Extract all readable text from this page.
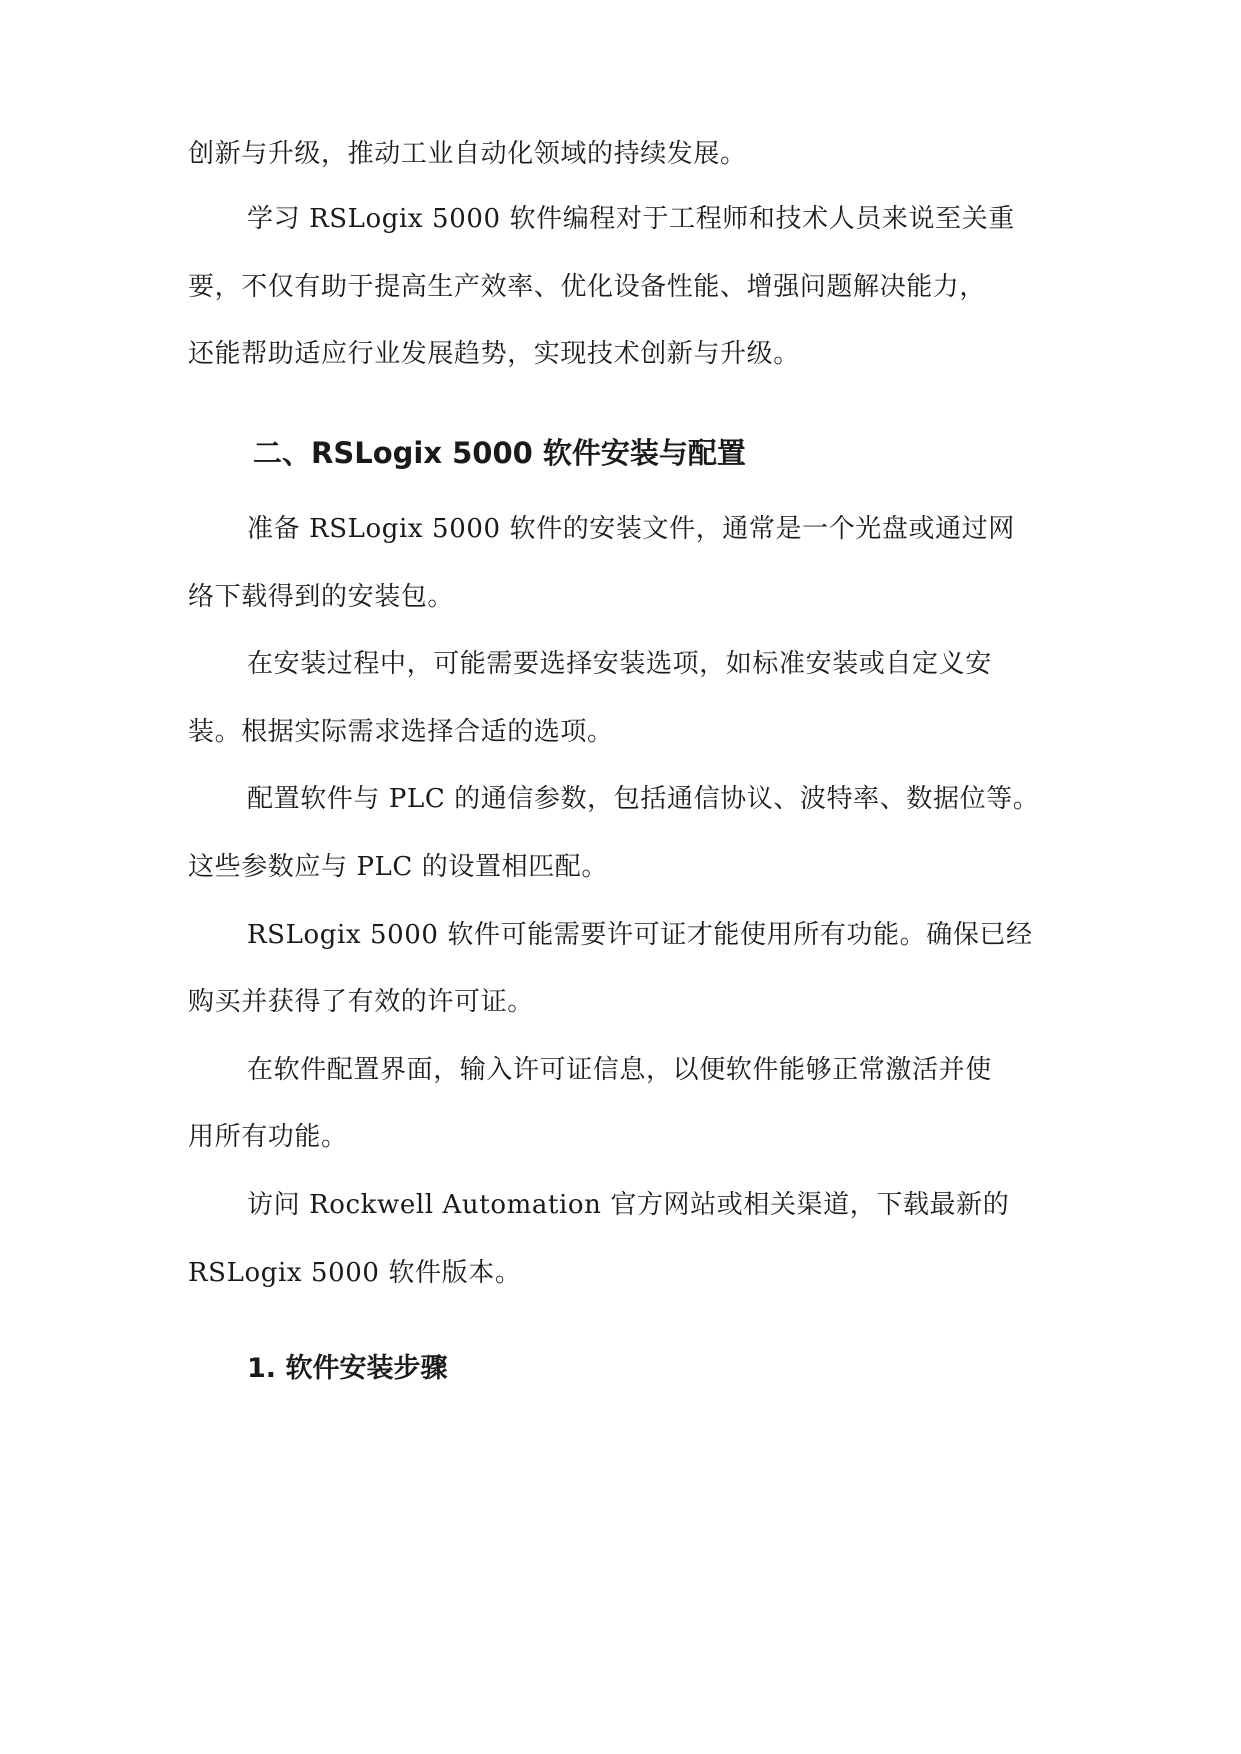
创新与升级，推动工业自动化领域的持续发展。
学习 RSLogix 5000 软件编程对于工程师和技术人员来说至关重
要，不仅有助于提高生产效率、优化设备性能、增强问题解决能力，
还能帮助适应行业发展趋势，实现技术创新与升级。
二、RSLogix 5000 软件安装与配置
准备 RSLogix 5000 软件的安装文件，通常是一个光盘或通过网
络下载得到的安装包。
在安装过程中，可能需要选择安装选项，如标准安装或自定义安
装。根据实际需求选择合适的选项。
配置软件与 PLC 的通信参数，包括通信协议、波特率、数据位等。
这些参数应与 PLC 的设置相匹配。
RSLogix 5000 软件可能需要许可证才能使用所有功能。确保已经
购买并获得了有效的许可证。
在软件配置界面，输入许可证信息，以便软件能够正常激活并使
用所有功能。
访问 Rockwell Automation 官方网站或相关渠道，下载最新的
RSLogix 5000 软件版本。
1. 软件安装步骤
